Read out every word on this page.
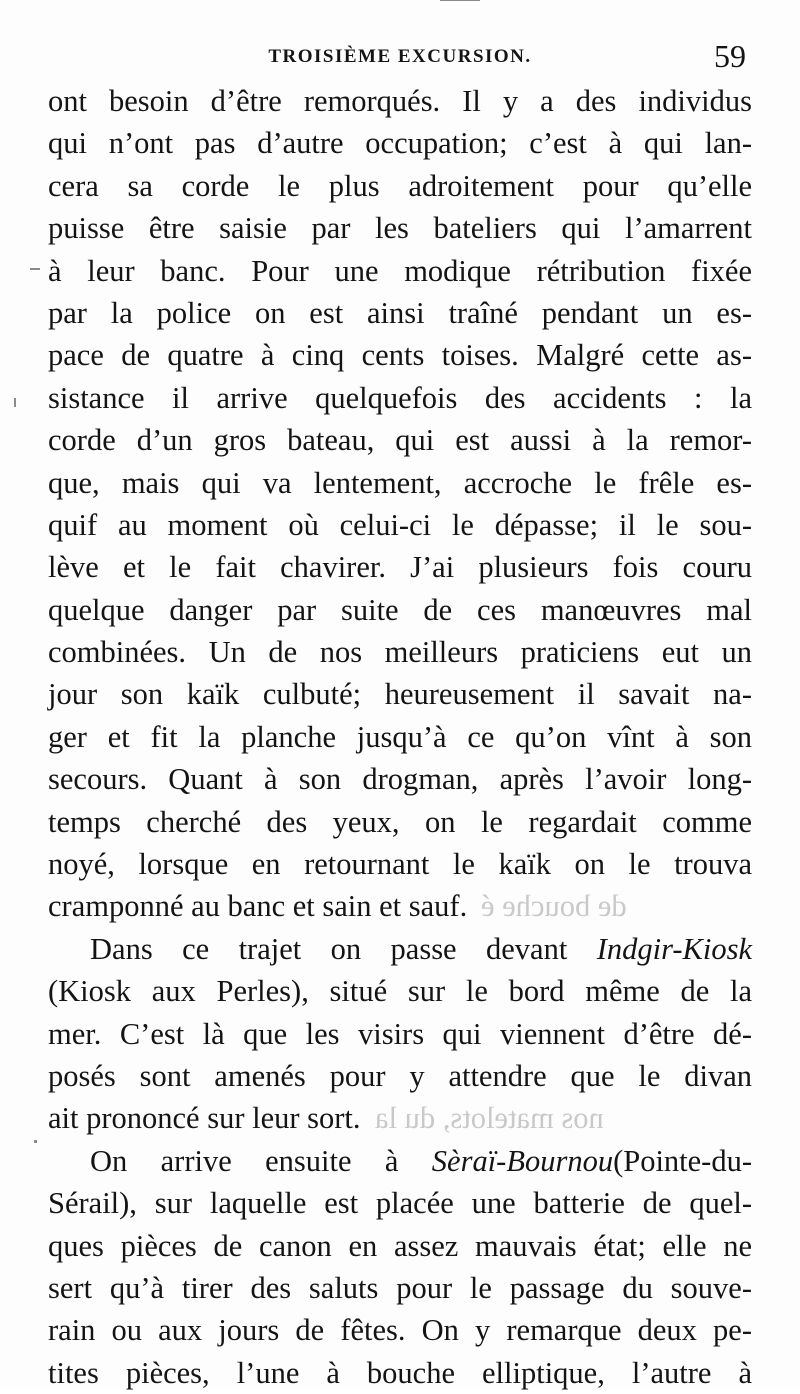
TROISIÈME EXCURSION.	59
ont besoin d’être remorqués. Il y a des individus
qui n’ont pas d’autre occupation; c’est à qui lan-
cera sa corde le plus adroitement pour qu’elle
puisse être saisie par les bateliers qui l’amarrent
à leur banc. Pour une modique rétribution fixée
par la police on est ainsi traîné pendant un es-
pace de quatre à cinq cents toises. Malgré cette as-
sistance il arrive quelquefois des accidents : la
corde d’un gros bateau, qui est aussi à la remor-
que, mais qui va lentement, accroche le frêle es-
quif au moment où celui-ci le dépasse; il le sou-
lève et le fait chavirer. J’ai plusieurs fois couru
quelque danger par suite de ces manœuvres mal
combinées. Un de nos meilleurs praticiens eut un
jour son kaïk culbuté; heureusement il savait na-
ger et fit la planche jusqu’à ce qu’on vînt à son
secours. Quant à son drogman, après l’avoir long-
temps cherché des yeux, on le regardait comme
noyé, lorsque en retournant le kaïk on le trouva
cramponné au banc et sain et sauf. de bouche é
Dans ce trajet on passe devant Indgir-Kiosk
(Kiosk aux Perles), situé sur le bord même de la
mer. C’est là que les visirs qui viennent d’être dé-
posés sont amenés pour y attendre que le divan
ait prononcé sur leur sort. nos matelots, du la
On arrive ensuite à Sèraï-Bournou(Pointe-du-
Sérail), sur laquelle est placée une batterie de quel-
ques pièces de canon en assez mauvais état; elle ne
sert qu’à tirer des saluts pour le passage du souve-
rain ou aux jours de fêtes. On y remarque deux pe-
tites pièces, l’une à bouche elliptique, l’autre à
